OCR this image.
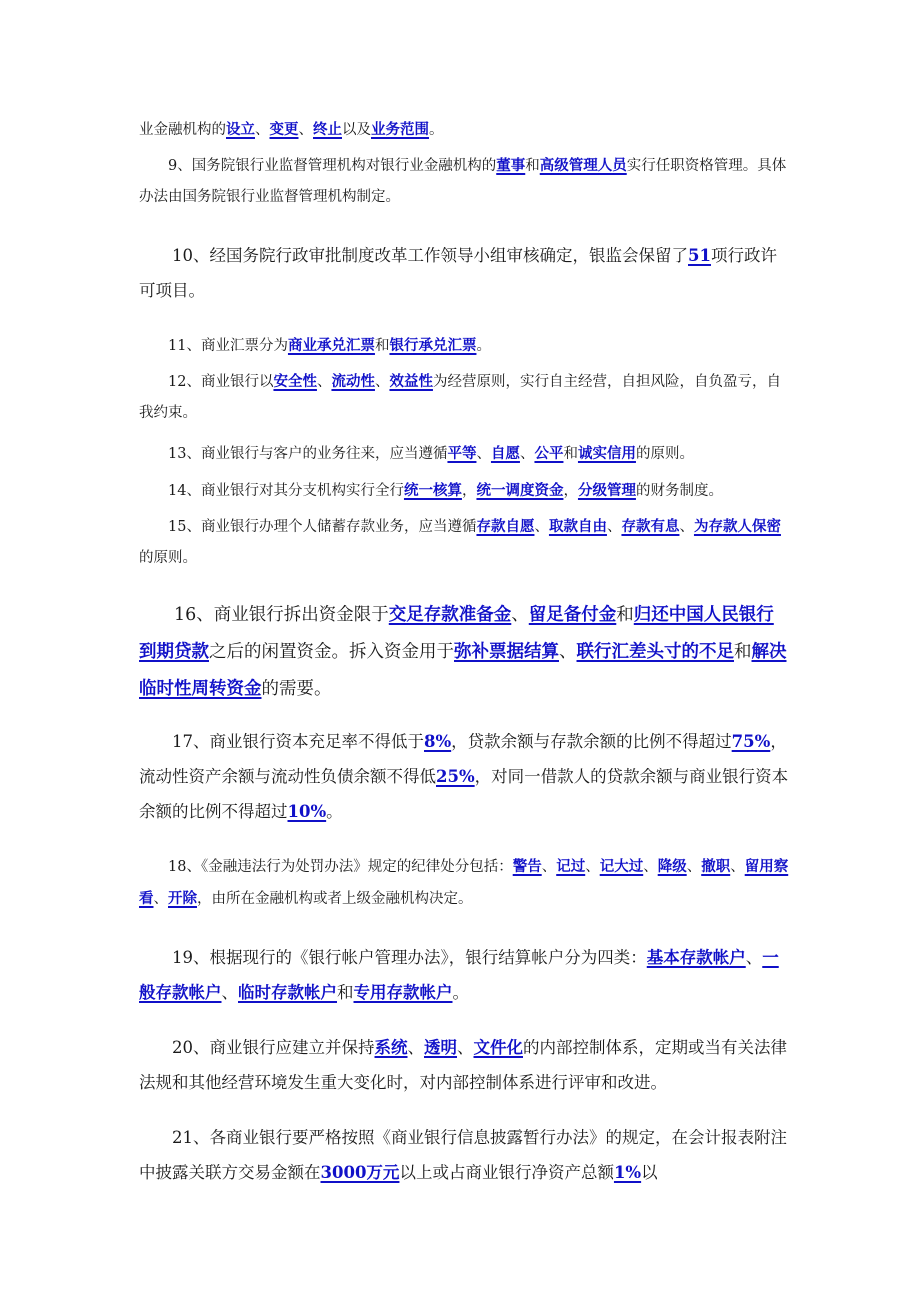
业金融机构的设立、变更、终止以及业务范围。

9、国务院银行业监督管理机构对银行业金融机构的董事和高级管理人员实行任职资格管理。具体办法由国务院银行业监督管理机构制定。

10、经国务院行政审批制度改革工作领导小组审核确定，银监会保留了51项行政许可项目。

11、商业汇票分为商业承兑汇票和银行承兑汇票。

12、商业银行以安全性、流动性、效益性为经营原则，实行自主经营，自担风险，自负盈亏，自我约束。

13、商业银行与客户的业务往来，应当遵循平等、自愿、公平和诚实信用的原则。

14、商业银行对其分支机构实行全行统一核算，统一调度资金，分级管理的财务制度。

15、商业银行办理个人储蓄存款业务，应当遵循存款自愿、取款自由、存款有息、为存款人保密的原则。

16、商业银行拆出资金限于交足存款准备金、留足备付金和归还中国人民银行到期贷款之后的闲置资金。拆入资金用于弥补票据结算、联行汇差头寸的不足和解决临时性周转资金的需要。

17、商业银行资本充足率不得低于8%，贷款余额与存款余额的比例不得超过75%，流动性资产余额与流动性负债余额不得低25%，对同一借款人的贷款余额与商业银行资本余额的比例不得超过10%。

18、《金融违法行为处罚办法》规定的纪律处分包括：警告、记过、记大过、降级、撤职、留用察看、开除，由所在金融机构或者上级金融机构决定。

19、根据现行的《银行帐户管理办法》，银行结算帐户分为四类：基本存款帐户、一般存款帐户、临时存款帐户和专用存款帐户。

20、商业银行应建立并保持系统、透明、文件化的内部控制体系，定期或当有关法律法规和其他经营环境发生重大变化时，对内部控制体系进行评审和改进。

21、各商业银行要严格按照《商业银行信息披露暂行办法》的规定，在会计报表附注中披露关联方交易金额在3000万元以上或占商业银行净资产总额1%以
